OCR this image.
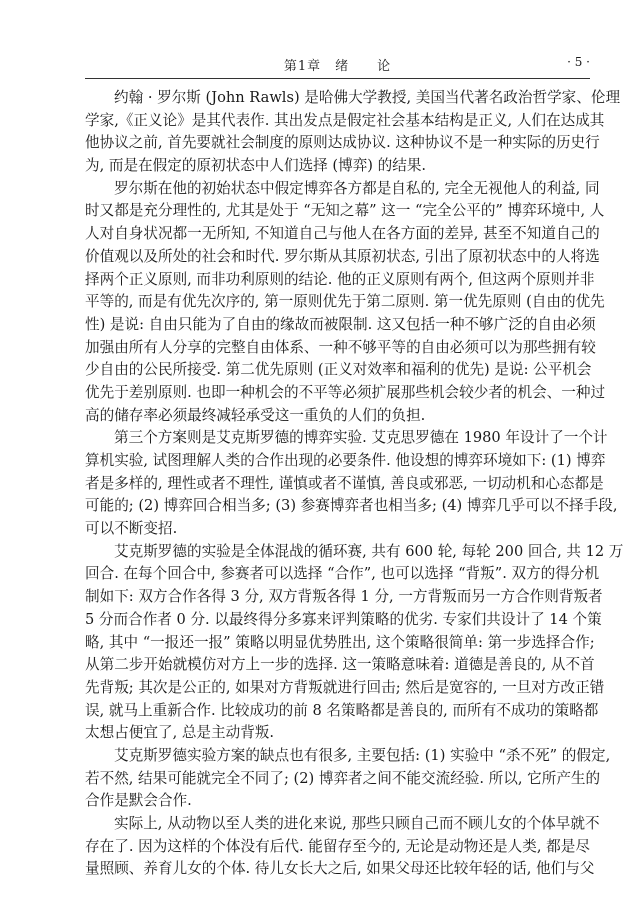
第1章　绪　　论	· 5 ·
约翰 · 罗尔斯 (John Rawls) 是哈佛大学教授, 美国当代著名政治哲学家、伦理
学家,《正义论》是其代表作. 其出发点是假定社会基本结构是正义, 人们在达成其
他协议之前, 首先要就社会制度的原则达成协议. 这种协议不是一种实际的历史行
为, 而是在假定的原初状态中人们选择 (博弈) 的结果.
罗尔斯在他的初始状态中假定博弈各方都是自私的, 完全无视他人的利益, 同
时又都是充分理性的, 尤其是处于 “无知之幕” 这一 “完全公平的” 博弈环境中, 人
人对自身状况都一无所知, 不知道自己与他人在各方面的差异, 甚至不知道自己的
价值观以及所处的社会和时代. 罗尔斯从其原初状态, 引出了原初状态中的人将选
择两个正义原则, 而非功利原则的结论. 他的正义原则有两个, 但这两个原则并非
平等的, 而是有优先次序的, 第一原则优先于第二原则. 第一优先原则 (自由的优先
性) 是说: 自由只能为了自由的缘故而被限制. 这又包括一种不够广泛的自由必须
加强由所有人分享的完整自由体系、一种不够平等的自由必须可以为那些拥有较
少自由的公民所接受. 第二优先原则 (正义对效率和福利的优先) 是说: 公平机会
优先于差别原则. 也即一种机会的不平等必须扩展那些机会较少者的机会、一种过
高的储存率必须最终减轻承受这一重负的人们的负担.
第三个方案则是艾克斯罗德的博弈实验. 艾克思罗德在 1980 年设计了一个计
算机实验, 试图理解人类的合作出现的必要条件. 他设想的博弈环境如下: (1) 博弈
者是多样的, 理性或者不理性, 谨慎或者不谨慎, 善良或邪恶, 一切动机和心态都是
可能的; (2) 博弈回合相当多; (3) 参赛博弈者也相当多; (4) 博弈几乎可以不择手段,
可以不断变招.
艾克斯罗德的实验是全体混战的循环赛, 共有 600 轮, 每轮 200 回合, 共 12 万
回合. 在每个回合中, 参赛者可以选择 “合作”, 也可以选择 “背叛”. 双方的得分机
制如下: 双方合作各得 3 分, 双方背叛各得 1 分, 一方背叛而另一方合作则背叛者
5 分而合作者 0 分. 以最终得分多寡来评判策略的优劣. 专家们共设计了 14 个策
略, 其中 “一报还一报” 策略以明显优势胜出, 这个策略很简单: 第一步选择合作;
从第二步开始就模仿对方上一步的选择. 这一策略意味着: 道德是善良的, 从不首
先背叛; 其次是公正的, 如果对方背叛就进行回击; 然后是宽容的, 一旦对方改正错
误, 就马上重新合作. 比较成功的前 8 名策略都是善良的, 而所有不成功的策略都
太想占便宜了, 总是主动背叛.
艾克斯罗德实验方案的缺点也有很多, 主要包括: (1) 实验中 “杀不死” 的假定,
若不然, 结果可能就完全不同了; (2) 博弈者之间不能交流经验. 所以, 它所产生的
合作是默会合作.
实际上, 从动物以至人类的进化来说, 那些只顾自己而不顾儿女的个体早就不
存在了. 因为这样的个体没有后代. 能留存至今的, 无论是动物还是人类, 都是尽
量照顾、养育儿女的个体. 待儿女长大之后, 如果父母还比较年轻的话, 他们与父
